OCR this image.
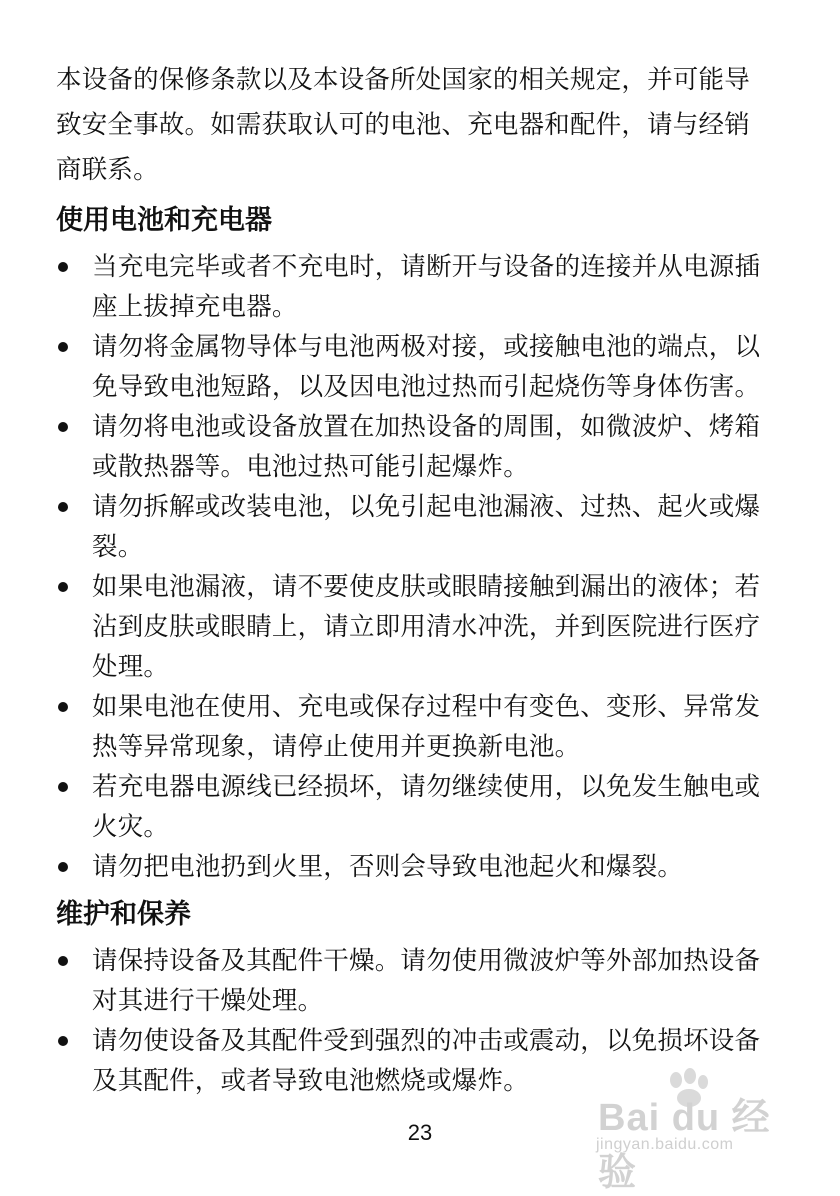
本设备的保修条款以及本设备所处国家的相关规定，并可能导
致安全事故。如需获取认可的电池、充电器和配件，请与经销
商联系。

使用电池和充电器
当充电完毕或者不充电时，请断开与设备的连接并从电源插
座上拔掉充电器。
请勿将金属物导体与电池两极对接，或接触电池的端点，以
免导致电池短路，以及因电池过热而引起烧伤等身体伤害。
请勿将电池或设备放置在加热设备的周围，如微波炉、烤箱
或散热器等。电池过热可能引起爆炸。
请勿拆解或改装电池，以免引起电池漏液、过热、起火或爆
裂。
如果电池漏液，请不要使皮肤或眼睛接触到漏出的液体；若
沾到皮肤或眼睛上，请立即用清水冲洗，并到医院进行医疗
处理。
如果电池在使用、充电或保存过程中有变色、变形、异常发
热等异常现象，请停止使用并更换新电池。
若充电器电源线已经损坏，请勿继续使用，以免发生触电或
火灾。
请勿把电池扔到火里，否则会导致电池起火和爆裂。
维护和保养
请保持设备及其配件干燥。请勿使用微波炉等外部加热设备
对其进行干燥处理。
请勿使设备及其配件受到强烈的冲击或震动，以免损坏设备
及其配件，或者导致电池燃烧或爆炸。
23	Bai du 经验
jingyan.baidu.com
